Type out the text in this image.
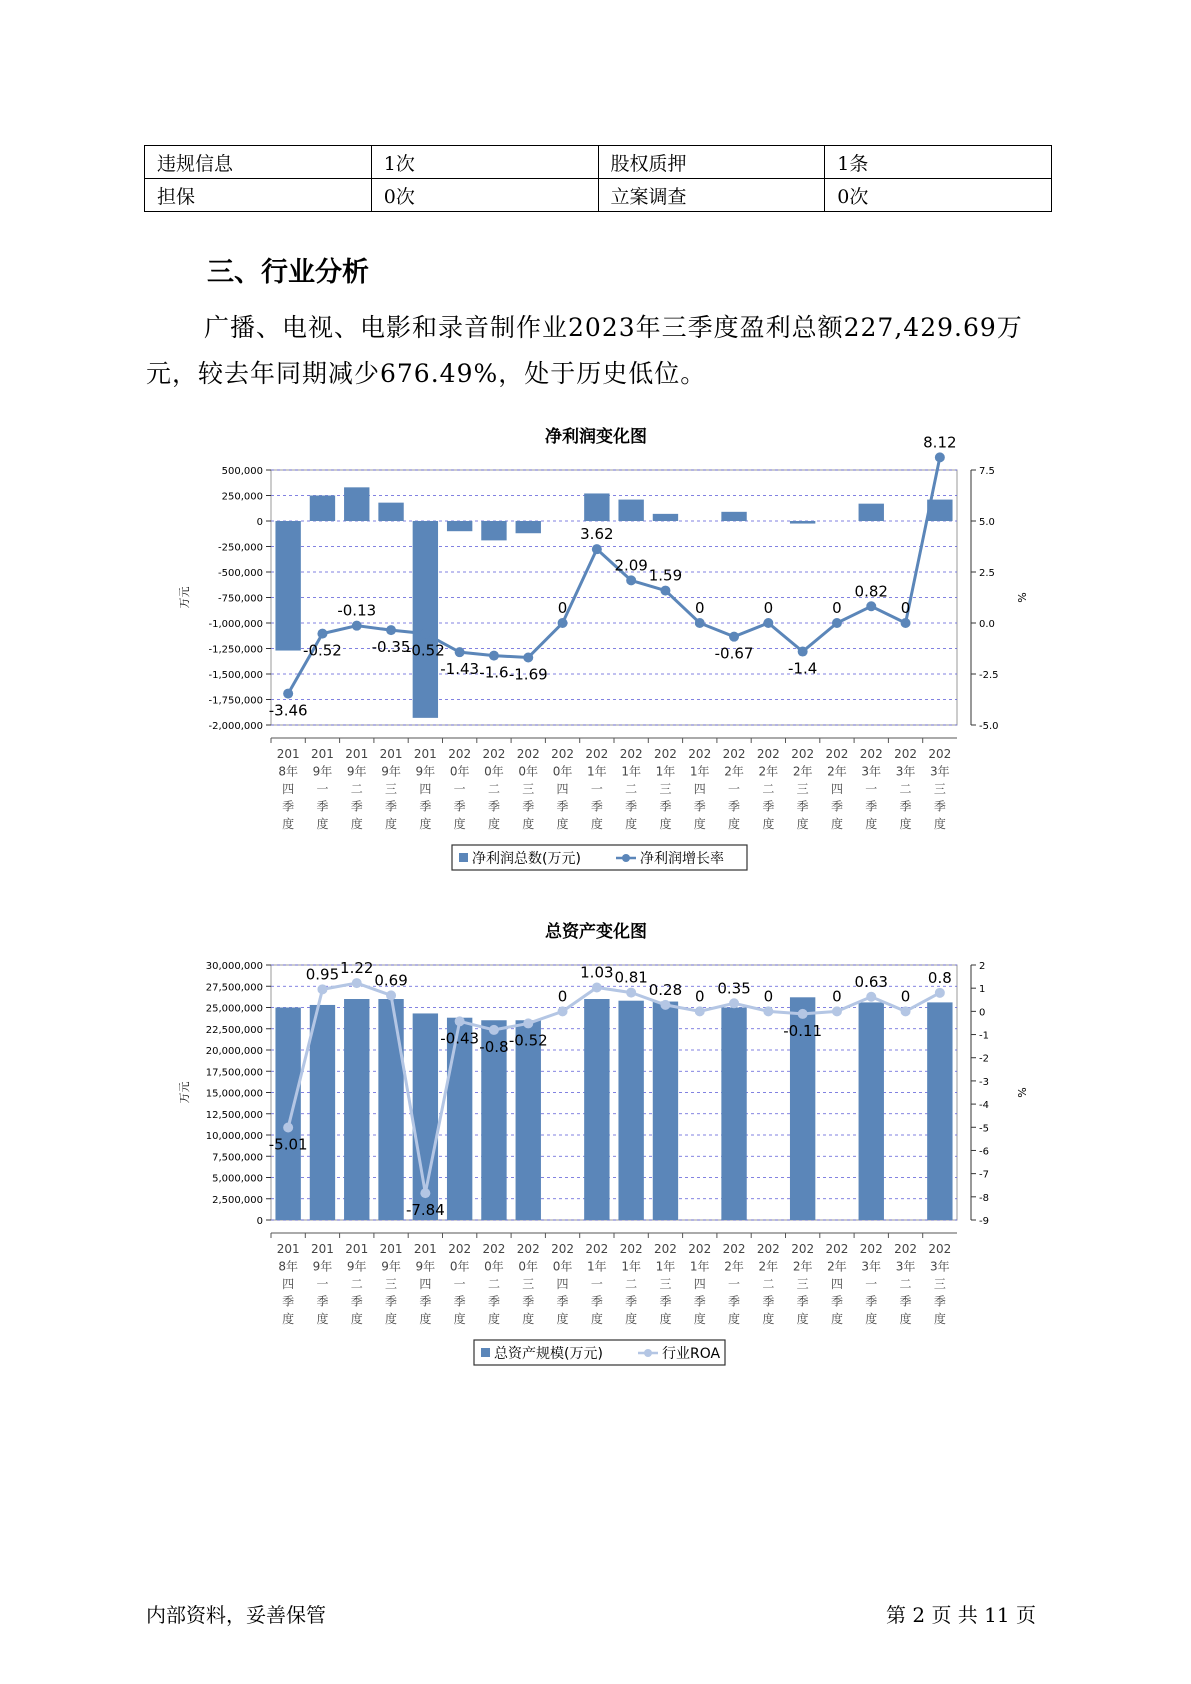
违规信息	1次	股权质押	1条
担保	0次	立案调查	0次
三、行业分析

广播、电视、电影和录音制作业2023年三季度盈利总额227,429.69万元，较去年同期减少676.49%，处于历史低位。

净利润变化图
500,000
250,000
0
-250,000
-500,000
-750,000
-1,000,000
-1,250,000
-1,500,000
-1,750,000
-2,000,000
7.5
5.0
2.5
0.0
-2.5
-5.0
万元	%
-3.46
-0.52
-0.13
-0.35
-0.52
-1.43 -1.6 -1.69
0
3.62
2.09
1.59
0
-0.67
0
-1.4
0
0.82
0
8.12
201 8年四季度
201 9年一季度
201 9年二季度
201 9年三季度
201 9年四季度
202 0年一季度
202 0年二季度
202 0年三季度
202 0年四季度
202 1年一季度
202 1年二季度
202 1年三季度
202 1年四季度
202 2年一季度
202 2年二季度
202 2年三季度
202 2年四季度
202 3年一季度
202 3年二季度
202 3年三季度
净利润总数(万元)	净利润增长率
总资产变化图
30,000,000
27,500,000
25,000,000
22,500,000
20,000,000
17,500,000
15,000,000
12,500,000
10,000,000
7,500,000
5,000,000
2,500,000
0
2
1
0
-1
-2
-3
-4
-5
-6
-7
-8
-9
万元	%
-5.01
0.95 1.22
0.69
-7.84
-0.43 -0.8 -0.52
0
1.03 0.81
0.28 0 0.35 0
-0.11
0
0.63
0
0.8
201 8年四季度
201 9年一季度
201 9年二季度
201 9年三季度
201 9年四季度
202 0年一季度
202 0年二季度
202 0年三季度
202 0年四季度
202 1年一季度
202 1年二季度
202 1年三季度
202 1年四季度
202 2年一季度
202 2年二季度
202 2年三季度
202 2年四季度
202 3年一季度
202 3年二季度
202 3年三季度
总资产规模(万元)	行业ROA
内部资料，妥善保管	第 2 页 共 11 页
